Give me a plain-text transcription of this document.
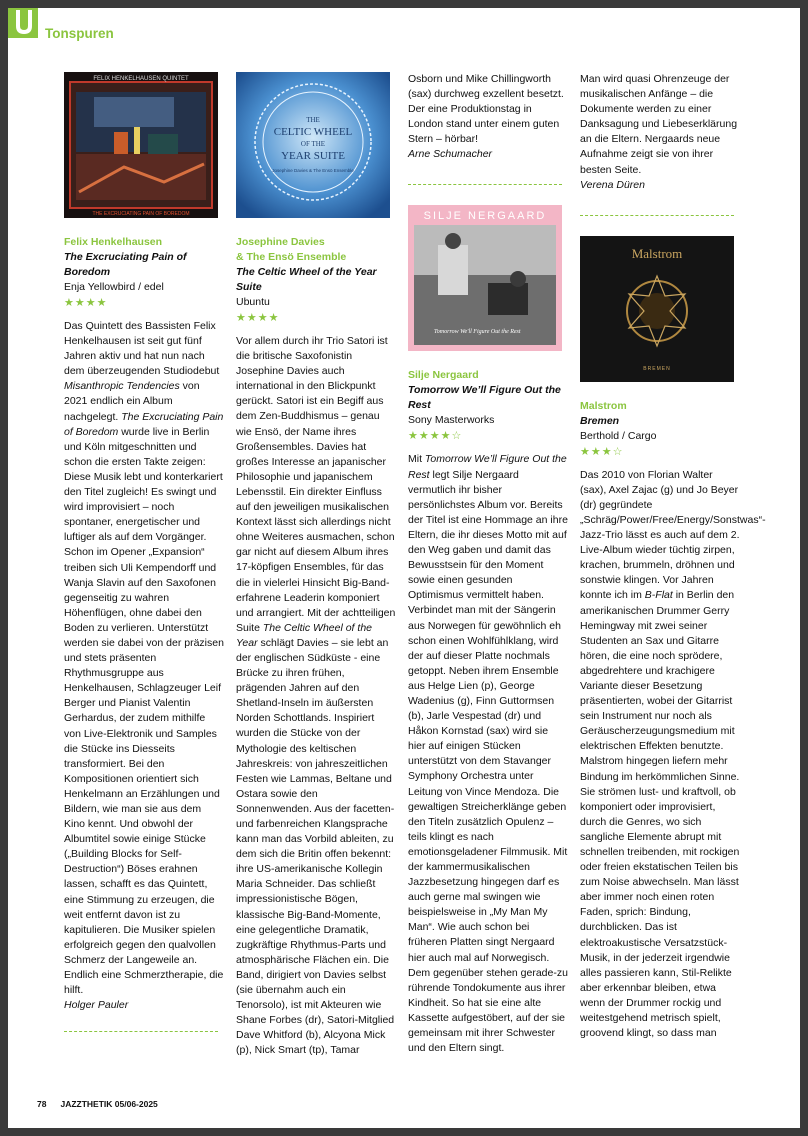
Tonspuren
FELIX HENKELHAUSEN QUINTET
THE EXCRUCIATING PAIN OF BOREDOM
Felix Henkelhausen
The Excruciating Pain of Boredom
Enja Yellowbird / edel
★★★★
Das Quintett des Bassisten Felix Henkelhausen ist seit gut fünf Jahren aktiv und hat nun nach dem überzeugenden Studiodebut Misanthropic Tendencies von 2021 endlich ein Album nachgelegt. The Excruciating Pain of Boredom wurde live in Berlin und Köln mitgeschnitten und schon die ersten Takte zeigen: Diese Musik lebt und konterkariert den Titel zugleich! Es swingt und wird improvisiert – noch spontaner, energetischer und luftiger als auf dem Vorgänger. Schon im Opener „Expansion“ treiben sich Uli Kempendorff und Wanja Slavin auf den Saxofonen gegenseitig zu wahren Höhenflügen, ohne dabei den Boden zu verlieren. Unterstützt werden sie dabei von der präzisen und stets präsenten Rhythmusgruppe aus Henkelhausen, Schlagzeuger Leif Berger und Pianist Valentin Gerhardus, der zudem mithilfe von Live-Elektronik und Samples die Stücke ins Diesseits transformiert. Bei den Kompositionen orientiert sich Henkelmann an Erzählungen und Bildern, wie man sie aus dem Kino kennt. Und obwohl der Albumtitel sowie einige Stücke („Building Blocks for Self-Destruction“) Böses erahnen lassen, schafft es das Quintett, eine Stimmung zu erzeugen, die weit entfernt davon ist zu kapitulieren. Die Musiker spielen erfolgreich gegen den qualvollen Schmerz der Langeweile an. Endlich eine Schmerztherapie, die hilft.
Holger Pauler
THE
CELTIC WHEEL
OF THE
YEAR SUITE
Josephine Davies & The Ensö Ensemble
Josephine Davies
& The Ensö Ensemble
The Celtic Wheel of the Year Suite
Ubuntu
★★★★
Vor allem durch ihr Trio Satori ist die britische Saxofonistin Josephine Davies auch international in den Blickpunkt gerückt. Satori ist ein Begiff aus dem Zen-Buddhismus – genau wie Ensö, der Name ihres Großensembles. Davies hat großes Interesse an japanischer Philosophie und japanischem Lebensstil. Ein direkter Einfluss auf den jeweiligen musikalischen Kontext lässt sich allerdings nicht ohne Weiteres ausmachen, schon gar nicht auf diesem Album ihres 17-köpfigen Ensembles, für das die in vielerlei Hinsicht Big-Band-erfahrene Leaderin komponiert und arrangiert. Mit der achtteiligen Suite The Celtic Wheel of the Year schlägt Davies – sie lebt an der englischen Südküste - eine Brücke zu ihren frühen, prägenden Jahren auf den Shetland-Inseln im äußersten Norden Schottlands. Inspiriert wurden die Stücke von der Mythologie des keltischen Jahreskreis: von jahreszeitlichen Festen wie Lammas, Beltane und Ostara sowie den Sonnenwenden. Aus der facetten- und farbenreichen Klangsprache kann man das Vorbild ableiten, zu dem sich die Britin offen bekennt: ihre US-amerikanische Kollegin Maria Schneider. Das schließt impressionistische Bögen, klassische Big-Band-Momente, eine gelegentliche Dramatik, zugkräftige Rhythmus-Parts und atmosphärische Flächen ein. Die Band, dirigiert von Davies selbst (sie übernahm auch ein Tenorsolo), ist mit Akteuren wie Shane Forbes (dr), Satori-Mitglied Dave Whitford (b), Alcyona Mick (p), Nick Smart (tp), Tamar
Osborn und Mike Chillingworth (sax) durchweg exzellent besetzt. Der eine Produktionstag in London stand unter einem guten Stern – hörbar!
Arne Schumacher
SILJE NERGAARD
Tomorrow We'll Figure Out the Rest
Silje Nergaard
Tomorrow We’ll Figure Out the Rest
Sony Masterworks
★★★★☆
Mit Tomorrow We’ll Figure Out the Rest legt Silje Nergaard vermutlich ihr bisher persönlichstes Album vor. Bereits der Titel ist eine Hommage an ihre Eltern, die ihr dieses Motto mit auf den Weg gaben und damit das Bewusstsein für den Moment sowie einen gesunden Optimismus vermittelt haben. Verbindet man mit der Sängerin aus Norwegen für gewöhnlich eh schon einen Wohlfühlklang, wird der auf dieser Platte nochmals getoppt. Neben ihrem Ensemble aus Helge Lien (p), George Wadenius (g), Finn Guttormsen (b), Jarle Vespestad (dr) und Håkon Kornstad (sax) wird sie hier auf einigen Stücken unterstützt von dem Stavanger Symphony Orchestra unter Leitung von Vince Mendoza. Die gewaltigen Streicherklänge geben den Titeln zusätzlich Opulenz – teils klingt es nach emotionsgeladener Filmmusik. Mit der kammermusikalischen Jazzbesetzung hingegen darf es auch gerne mal swingen wie beispielsweise in „My Man My Man“. Wie auch schon bei früheren Platten singt Nergaard hier auch mal auf Norwegisch. Dem gegenüber stehen gerade-zu rührende Tondokumente aus ihrer Kindheit. So hat sie eine alte Kassette aufgestöbert, auf der sie gemeinsam mit ihrer Schwester und den Eltern singt.
Man wird quasi Ohrenzeuge der musikalischen Anfänge – die Dokumente werden zu einer Danksagung und Liebeserklärung an die Eltern. Nergaards neue Aufnahme zeigt sie von ihrer besten Seite.
Verena Düren
Malstrom
BREMEN
Malstrom
Bremen
Berthold / Cargo
★★★☆
Das 2010 von Florian Walter (sax), Axel Zajac (g) und Jo Beyer (dr) gegründete „Schräg/Power/Free/Energy/Sonstwas“-Jazz-Trio lässt es auch auf dem 2. Live-Album wieder tüchtig zirpen, krachen, brummeln, dröhnen und sonstwie klingen. Vor Jahren konnte ich im B-Flat in Berlin den amerikanischen Drummer Gerry Hemingway mit zwei seiner Studenten an Sax und Gitarre hören, die eine noch sprödere, abgedrehtere und krachigere Variante dieser Besetzung präsentierten, wobei der Gitarrist sein Instrument nur noch als Geräuscherzeugungsmedium mit elektrischen Effekten benutzte. Malstrom hingegen liefern mehr Bindung im herkömmlichen Sinne. Sie strömen lust- und kraftvoll, ob komponiert oder improvisiert, durch die Genres, wo sich sangliche Elemente abrupt mit schnellen treibenden, mit rockigen oder freien ekstatischen Teilen bis zum Noise abwechseln. Man lässt aber immer noch einen roten Faden, sprich: Bindung, durchblicken. Das ist elektroakustische Versatzstück-Musik, in der jederzeit irgendwie alles passieren kann, Stil-Relikte aber erkennbar bleiben, etwa wenn der Drummer rockig und weitestgehend metrisch spielt, groovend klingt, so dass man
78 JAZZTHETIK 05/06-2025
